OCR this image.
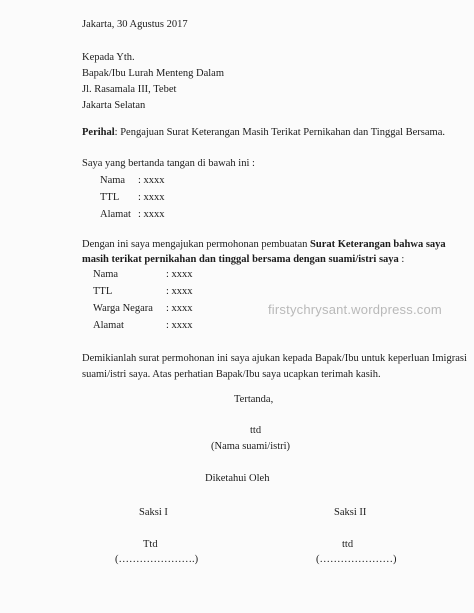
Jakarta, 30 Agustus 2017
Kepada Yth.
Bapak/Ibu Lurah Menteng Dalam
Jl. Rasamala III, Tebet
Jakarta Selatan
Perihal: Pengajuan Surat Keterangan Masih Terikat Pernikahan dan Tinggal Bersama.
Saya yang bertanda tangan di bawah ini :
Nama : xxxx
TTL : xxxx
Alamat : xxxx
Dengan ini saya mengajukan permohonan pembuatan Surat Keterangan bahwa saya
masih terikat pernikahan dan tinggal bersama dengan suami/istri saya :
Nama	: xxxx
TTL	: xxxx
Warga Negara : xxxx
Alamat	: xxxx
firstychrysant.wordpress.com
Demikianlah surat permohonan ini saya ajukan kepada Bapak/Ibu untuk keperluan Imigrasi
suami/istri saya. Atas perhatian Bapak/Ibu saya ucapkan terimah kasih.
Tertanda,
ttd
(Nama suami/istri)
Diketahui Oleh
Saksi I
Ttd
(………………….)
Saksi II
ttd
(…………………)
